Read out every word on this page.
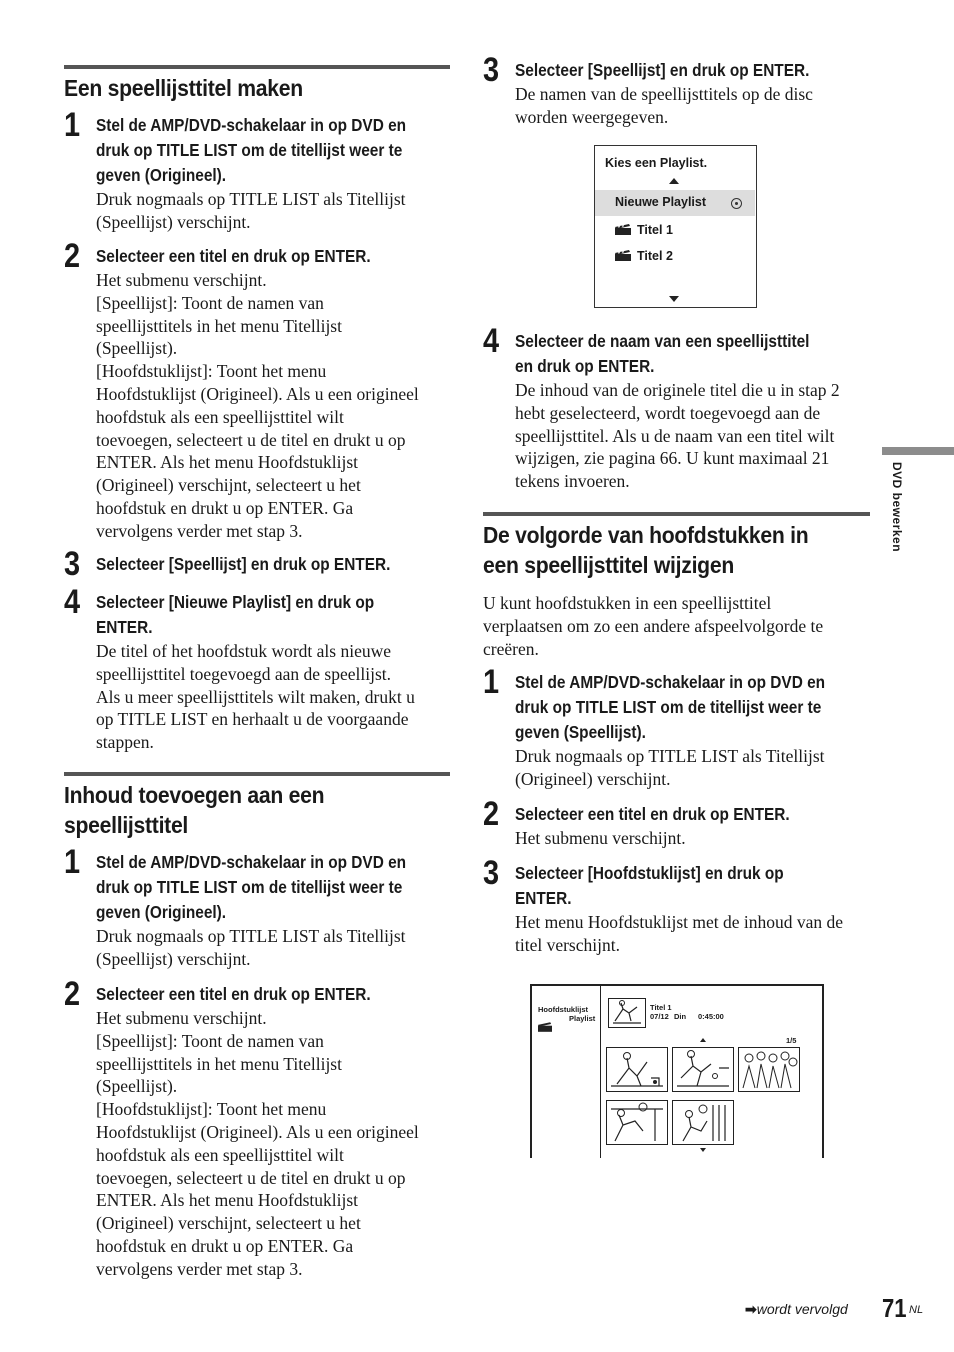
Een speellijsttitel maken
1 Stel de AMP/DVD-schakelaar in op DVD en
druk op TITLE LIST om de titellijst weer te
geven (Origineel).
Druk nogmaals op TITLE LIST als Titellijst
(Speellijst) verschijnt.
2 Selecteer een titel en druk op ENTER.
Het submenu verschijnt.
[Speellijst]: Toont de namen van
speellijsttitels in het menu Titellijst
(Speellijst).
[Hoofdstuklijst]: Toont het menu
Hoofdstuklijst (Origineel). Als u een origineel
hoofdstuk als een speellijsttitel wilt
toevoegen, selecteert u de titel en drukt u op
ENTER. Als het menu Hoofdstuklijst
(Origineel) verschijnt, selecteert u het
hoofdstuk en drukt u op ENTER. Ga
vervolgens verder met stap 3.
3 Selecteer [Speellijst] en druk op ENTER.
4 Selecteer [Nieuwe Playlist] en druk op
ENTER.
De titel of het hoofdstuk wordt als nieuwe
speellijsttitel toegevoegd aan de speellijst.
Als u meer speellijsttitels wilt maken, drukt u
op TITLE LIST en herhaalt u de voorgaande
stappen.
Inhoud toevoegen aan een
speellijsttitel
1 Stel de AMP/DVD-schakelaar in op DVD en
druk op TITLE LIST om de titellijst weer te
geven (Origineel).
Druk nogmaals op TITLE LIST als Titellijst
(Speellijst) verschijnt.
2 Selecteer een titel en druk op ENTER.
Het submenu verschijnt.
[Speellijst]: Toont de namen van
speellijsttitels in het menu Titellijst
(Speellijst).
[Hoofdstuklijst]: Toont het menu
Hoofdstuklijst (Origineel). Als u een origineel
hoofdstuk als een speellijsttitel wilt
toevoegen, selecteert u de titel en drukt u op
ENTER. Als het menu Hoofdstuklijst
(Origineel) verschijnt, selecteert u het
hoofdstuk en drukt u op ENTER. Ga
vervolgens verder met stap 3.
3 Selecteer [Speellijst] en druk op ENTER.
De namen van de speellijsttitels op de disc
worden weergegeven.
4 Selecteer de naam van een speellijsttitel
en druk op ENTER.
De inhoud van de originele titel die u in stap 2
hebt geselecteerd, wordt toegevoegd aan de
speellijsttitel. Als u de naam van een titel wilt
wijzigen, zie pagina 66. U kunt maximaal 21
tekens invoeren.
De volgorde van hoofdstukken in
een speellijsttitel wijzigen
U kunt hoofdstukken in een speellijsttitel
verplaatsen om zo een andere afspeelvolgorde te
creëren.
1 Stel de AMP/DVD-schakelaar in op DVD en
druk op TITLE LIST om de titellijst weer te
geven (Speellijst).
Druk nogmaals op TITLE LIST als Titellijst
(Origineel) verschijnt.
2 Selecteer een titel en druk op ENTER.
Het submenu verschijnt.
3 Selecteer [Hoofdstuklijst] en druk op
ENTER.
Het menu Hoofdstuklijst met de inhoud van de
titel verschijnt.
Kies een Playlist.
Nieuwe Playlist
Titel 1
Titel 2
Hoofdstuklijst
Playlist
Titel 1
07/12 Din 0:45:00
1/5
DVD bewerken
➡wordt vervolgd 71 NL
